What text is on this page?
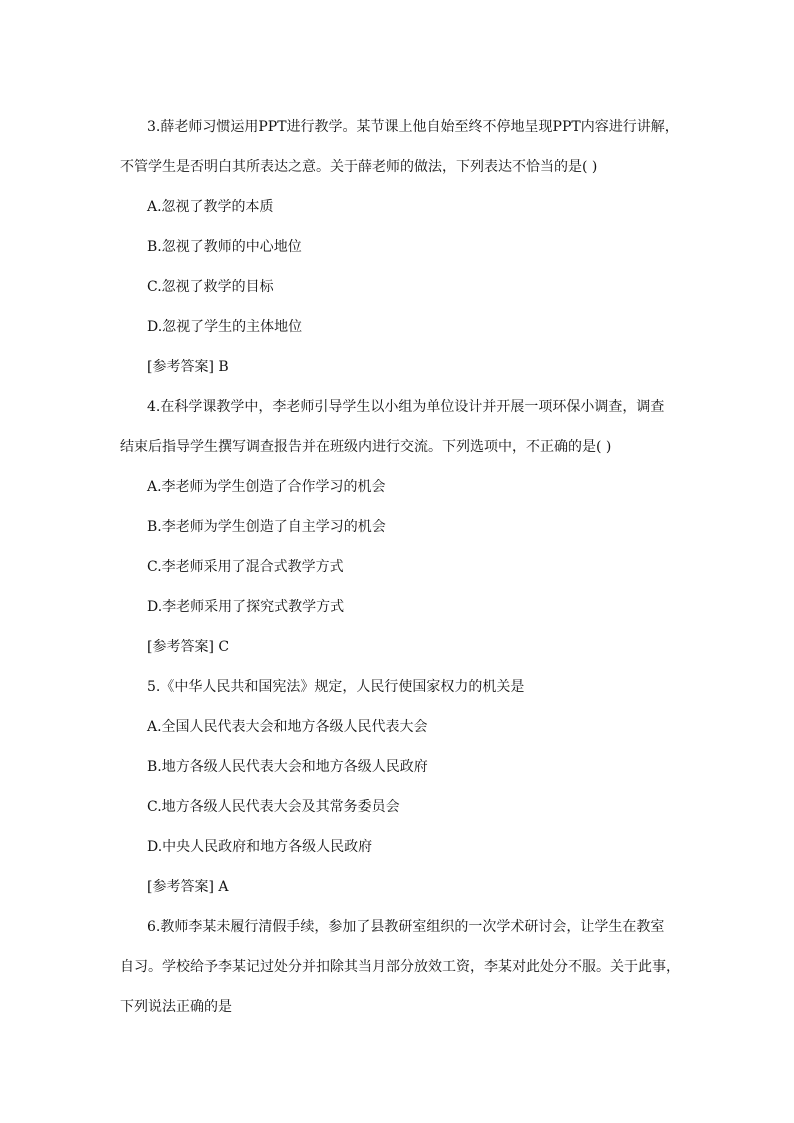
3.薛老师习惯运用PPT进行教学。某节课上他自始至终不停地呈现PPT内容进行讲解，
不管学生是否明白其所表达之意。关于薛老师的做法，下列表达不恰当的是( )
A.忽视了教学的本质
B.忽视了教师的中心地位
C.忽视了救学的目标
D.忽视了学生的主体地位
[参考答案] B
4.在科学课教学中，李老师引导学生以小组为单位设计并开展一项环保小调查，调查
结束后指导学生撰写调查报告并在班级内进行交流。下列选项中，不正确的是( )
A.李老师为学生创造了合作学习的机会
B.李老师为学生创造了自主学习的机会
C.李老师采用了混合式教学方式
D.李老师采用了探究式教学方式
[参考答案] C
5.《中华人民共和国宪法》规定，人民行使国家权力的机关是
A.全国人民代表大会和地方各级人民代表大会
B.地方各级人民代表大会和地方各级人民政府
C.地方各级人民代表大会及其常务委员会
D.中央人民政府和地方各级人民政府
[参考答案] A
6.教师李某未履行清假手续，参加了县教研室组织的一次学术研讨会，让学生在教室
自习。学校给予李某记过处分并扣除其当月部分放效工资，李某对此处分不服。关于此事，
下列说法正确的是
